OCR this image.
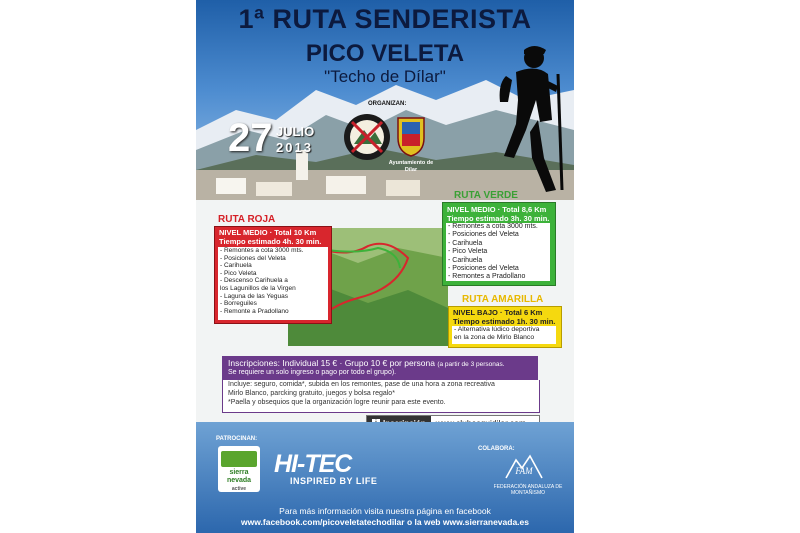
1ª RUTA SENDERISTA
PICO VELETA
"Techo de Dílar"
27 JULIO
2013
ORGANIZAN:
Ayuntamiento de Dílar
RUTA VERDE
NIVEL MEDIO · Total 8,6 Km
Tiempo estimado 3h. 30 min.
- Remontes a cota 3000 mts.
- Posiciones del Veleta
- Carihuela
- Pico Veleta
- Carihuela
- Posiciones del Veleta
- Remontes a Pradollano
RUTA ROJA
NIVEL MEDIO · Total 10 Km
Tiempo estimado 4h. 30 min.
- Remontes a cota 3000 mts.
- Posiciones del Veleta
- Carihuela
- Pico Veleta
- Descenso Carihuela a
los Lagunillos de la Virgen
- Laguna de las Yeguas
- Borreguiles
- Remonte a Pradollano
RUTA AMARILLA
NIVEL BAJO · Total 6 Km
Tiempo estimado 1h. 30 min.
- Alternativa lúdico deportiva
en la zona de Mirlo Blanco
Inscripciones: Individual 15 € · Grupo 10 € por persona (a partir de 3 personas.
Se requiere un solo ingreso o pago por todo el grupo).
Incluye: seguro, comida*, subida en los remontes, pase de una hora a zona recreativa
Mirlo Blanco, parcking gratuito, juegos y bolsa regalo*
*Paella y obsequios que la organización logre reunir para este evento.
PATROCINAN:
COLABORA:
sierra
nevada
active
HI-TEC
INSPIRED BY LIFE
FAM
FEDERACIÓN ANDALUZA DE MONTAÑISMO
Para más información visita nuestra página en facebook
www.facebook.com/picoveletatechodilar o la web www.sierranevada.es
